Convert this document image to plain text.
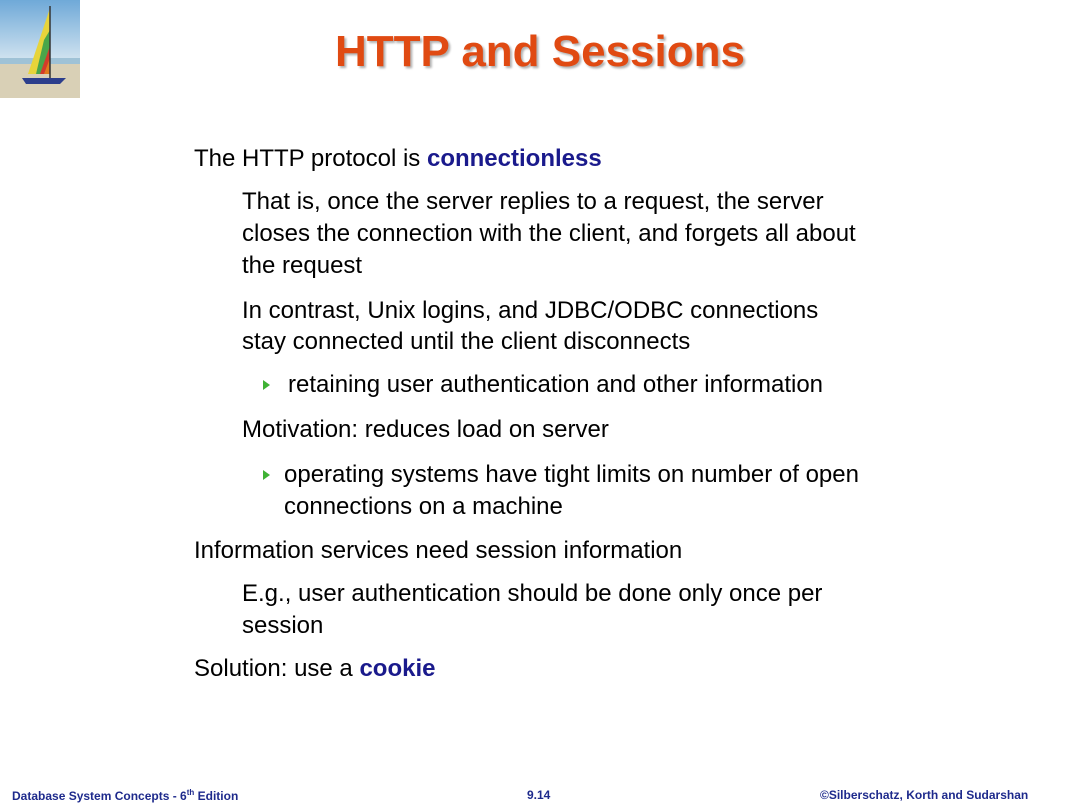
HTTP and Sessions
The HTTP protocol is connectionless
That is, once the server replies to a request, the server
closes the connection with the client, and forgets all about
the request
In contrast, Unix logins, and JDBC/ODBC connections
stay connected until the client disconnects
retaining user authentication and other information
Motivation: reduces load on server
operating systems have tight limits on number of open
connections on a machine
Information services need session information
E.g., user authentication should be done only once per
session
Solution: use a cookie
Database System Concepts - 6th Edition	9.14	©Silberschatz, Korth and Sudarshan
